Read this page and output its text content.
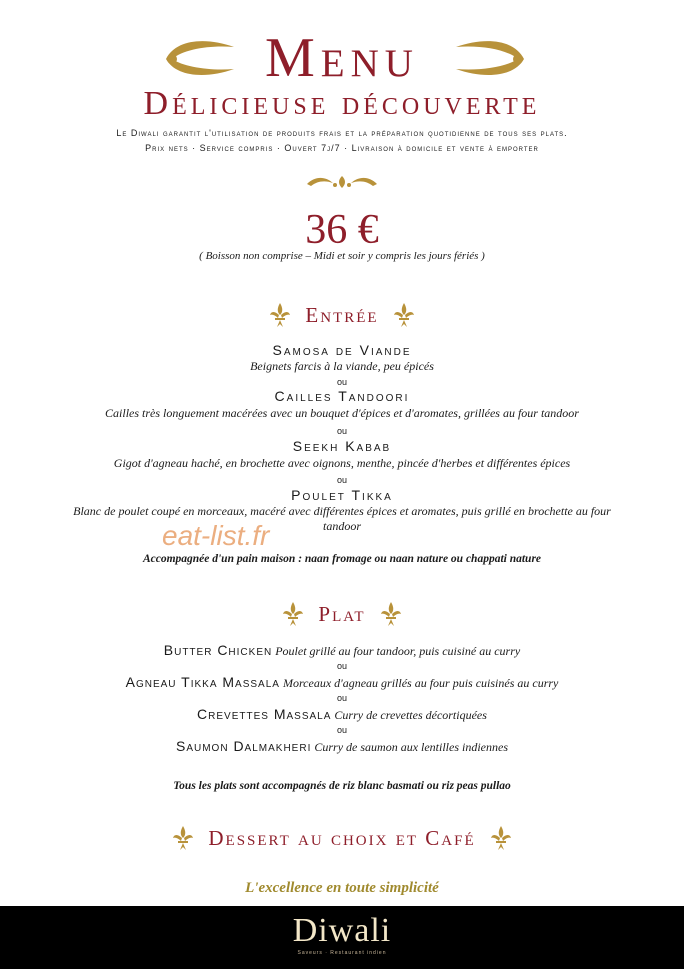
Menu
Délicieuse découverte
Le Diwali garantit l'utilisation de produits frais et la préparation quotidienne de tous ses plats.
Prix nets · Service compris · Ouvert 7j/7 · Livraison à domicile et vente à emporter
36 €
( Boisson non comprise – Midi et soir y compris les jours fériés )
Entrée
Samosa de Viande
Beignets farcis à la viande, peu épicés
ou
Cailles Tandoori
Cailles très longuement macérées avec un bouquet d'épices et d'aromates, grillées au four tandoor
ou
Seekh Kabab
Gigot d'agneau haché, en brochette avec oignons, menthe, pincée d'herbes et différentes épices
ou
Poulet Tikka
Blanc de poulet coupé en morceaux, macéré avec différentes épices et aromates, puis grillé en brochette au four tandoor
eat-list.fr
Accompagnée d'un pain maison : naan fromage ou naan nature ou chappati nature
Plat
Butter Chicken Poulet grillé au four tandoor, puis cuisiné au curry
ou
Agneau Tikka Massala Morceaux d'agneau grillés au four puis cuisinés au curry
ou
Crevettes Massala Curry de crevettes décortiquées
ou
Saumon Dalmakheri Curry de saumon aux lentilles indiennes
Tous les plats sont accompagnés de riz blanc basmati ou riz peas pullao
Dessert au choix et Café
L'excellence en toute simplicité
Diwali
Saveurs · Restaurant indien
